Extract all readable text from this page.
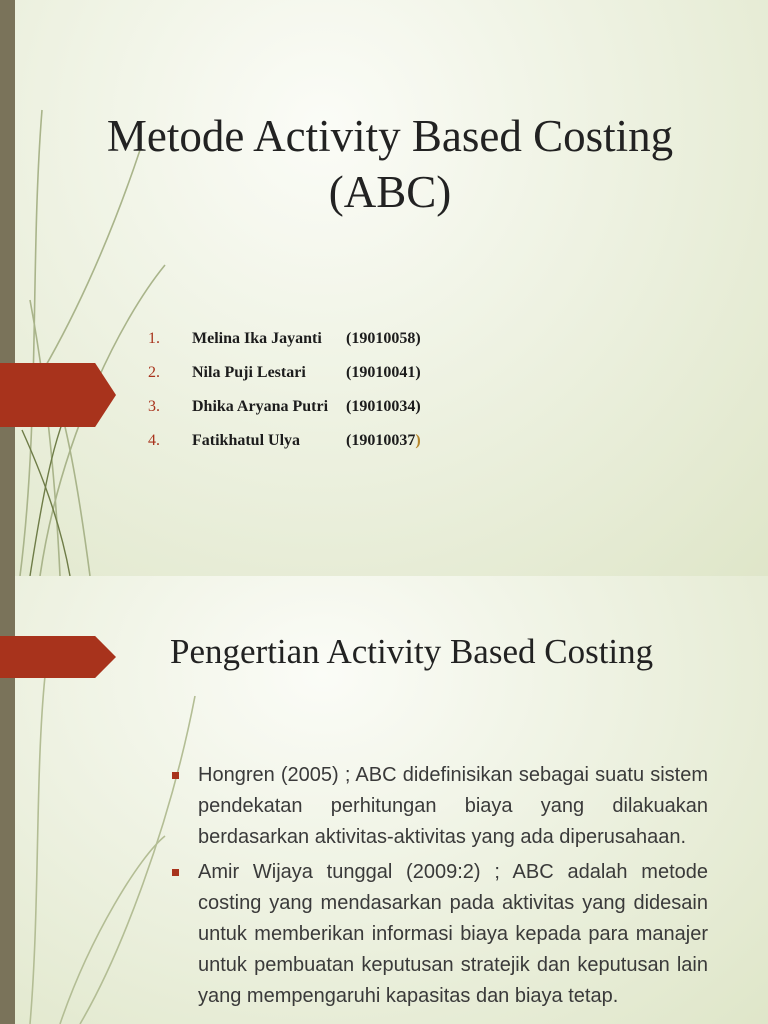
Metode Activity Based Costing
(ABC)
1.	Melina Ika Jayanti	(19010058)
2.	Nila Puji Lestari	(19010041)
3.	Dhika Aryana Putri	(19010034)
4.	Fatikhatul Ulya	(19010037)
Pengertian Activity Based Costing
Hongren (2005) ; ABC didefinisikan sebagai suatu sistem pendekatan perhitungan biaya yang dilakuakan berdasarkan aktivitas-aktivitas yang ada diperusahaan.
Amir Wijaya tunggal (2009:2) ; ABC adalah metode costing yang mendasarkan pada aktivitas yang didesain untuk memberikan informasi biaya kepada para manajer untuk pembuatan keputusan stratejik dan keputusan lain yang mempengaruhi kapasitas dan biaya tetap.
